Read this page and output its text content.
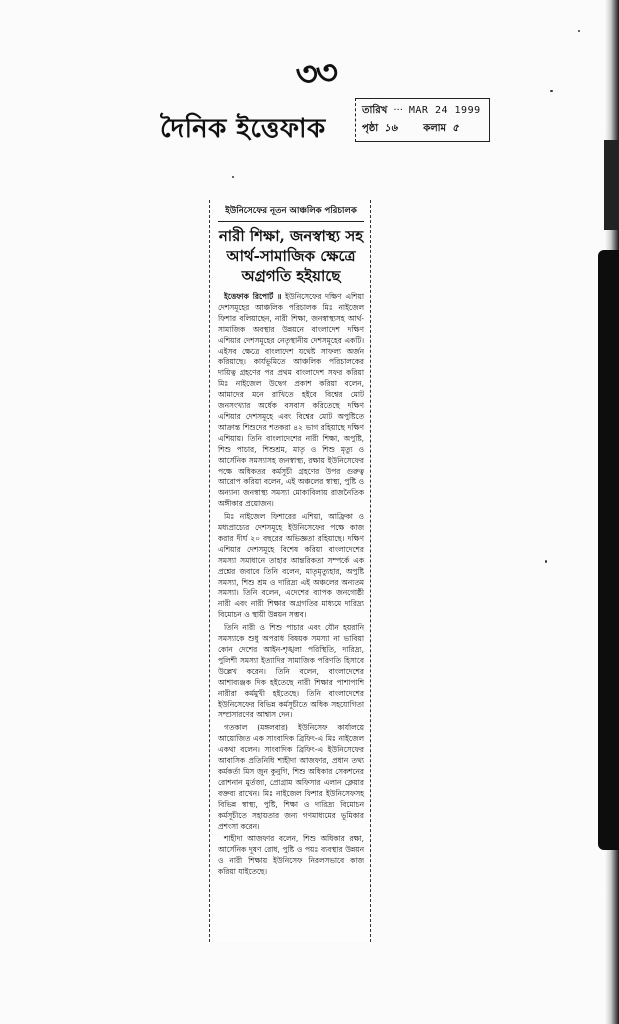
৩৩
দৈনিক ইত্তেফাক
তারিখ ··· MAR 24 1999
পৃষ্ঠা ১৬	কলাম ৫
ইউনিসেফের নূতন আঞ্চলিক পরিচালক
নারী শিক্ষা, জনস্বাস্থ্য সহ
আর্থ-সামাজিক ক্ষেত্রে
অগ্রগতি হইয়াছে

ইত্তেফাক রিপোর্ট ॥ ইউনিসেফের দক্ষিণ এশিয়া দেশসমূহের আঞ্চলিক পরিচালক মিঃ নাইজেল ফিশার বলিয়াছেন, নারী শিক্ষা, জনস্বাস্থ্যসহ আর্থ-সামাজিক অবস্থার উন্নয়নে বাংলাদেশ দক্ষিণ এশিয়ার দেশসমূহের নেতৃস্থানীয় দেশসমূহের একটি। এইসব ক্ষেত্রে বাংলাদেশ যথেষ্ট সাফল্য অর্জন করিয়াছে। কার্যভূমিতে আঞ্চলিক পরিচালকের দায়িত্ব গ্রহণের পর প্রথম বাংলাদেশ সফর করিয়া মিঃ নাইজেল উদ্বেগ প্রকাশ করিয়া বলেন, আমাদের মনে রাখিতে হইবে বিশ্বের মোট জনসংখ্যার অর্ধেক বসবাস করিতেছে দক্ষিণ এশিয়ার দেশসমূহে এবং বিশ্বের মোট অপুষ্টিতে আক্রান্ত শিশুদের শতকরা ৪২ ভাগ রহিয়াছে দক্ষিণ এশিয়ায়। তিনি বাংলাদেশের নারী শিক্ষা, অপুষ্টি, শিশু পাচার, শিশুশ্রম, মাতৃ ও শিশু মৃত্যু ও আর্সেনিক সমস্যাসহ জনস্বাস্থ্য, রক্ষায় ইউনিসেফের পক্ষে অধিকতর কর্মসূচী গ্রহণের উপর গুরুত্ব আরোপ করিয়া বলেন, এই অঞ্চলের স্বাস্থ্য, পুষ্টি ও অন্যান্য জনস্বাস্থ্য সমস্যা মোকাবিলায় রাজনৈতিক অঙ্গীকার প্রয়োজন।

মিঃ নাইজেল ফিশারের এশিয়া, আফ্রিকা ও মধ্যপ্রাচ্যের দেশসমূহে ইউনিসেফের পক্ষে কাজ করার দীর্ঘ ২০ বছরের অভিজ্ঞতা রহিয়াছে। দক্ষিণ এশিয়ার দেশসমূহে বিশেষ করিয়া বাংলাদেশের সমস্যা সমাধানে তাহার আন্তরিকতা সম্পর্কে এক প্রশ্নের জবাবে তিনি বলেন, মাতৃমৃত্যুহার, অপুষ্টি সমস্যা, শিশু শ্রম ও দারিদ্র্য এই অঞ্চলের অন্যতম সমস্যা। তিনি বলেন, এদেশের ব্যাপক জনগোষ্ঠী নারী এবং নারী শিক্ষার অগ্রগতির মাধ্যমে দারিদ্র্য বিমোচন ও স্থায়ী উন্নয়ন সম্ভব।

তিনি নারী ও শিশু পাচার এবং যৌন হয়রানি সমস্যাকে শুধু অপরাধ বিষয়ক সমস্যা না ভাবিয়া কোন দেশের আইন-শৃঙ্খলা পরিস্থিতি, দারিদ্র্য, পুলিশী সমস্যা ইত্যাদির সামাজিক পরিণতি হিসাবে উল্লেখ করেন। তিনি বলেন, বাংলাদেশের আশাব্যঞ্জক দিক হইতেছে নারী শিক্ষার পাশাপাশি নারীরা কর্মমুখী হইতেছে। তিনি বাংলাদেশের ইউনিসেফের বিভিন্ন কর্মসূচীতে অধিক সহযোগিতা সম্প্রসারণের আশ্বাস দেন।

গতকাল (মঙ্গলবার) ইউনিসেফ কার্যালয়ে আয়োজিত এক সাংবাদিক ব্রিফিং-এ মিঃ নাইজেল একথা বলেন। সাংবাদিক ব্রিফিং-এ ইউনিসেফের আবাসিক প্রতিনিধি শাহীদা আজফার, প্রধান তথ্য কর্মকর্তা মিস জুন কুনুগি, শিশু অধিকার সেকশনের রোশনান মুর্তজা, প্রোগ্রাম অফিসার এলান ক্লেয়ার বক্তব্য রাখেন। মিঃ নাইজেল ফিশার ইউনিসেফসহ বিভিন্ন স্বাস্থ্য, পুষ্টি, শিক্ষা ও দারিদ্র্য বিমোচন কর্মসূচীতে সহায়তার জন্য গণমাধ্যমের ভূমিকার প্রশংসা করেন।

শাহীদা আজফার বলেন, শিশু অধিকার রক্ষা, আর্সেনিক দূষণ রোধ, পুষ্টি ও পয়ঃ ব্যবস্থার উন্নয়ন ও নারী শিক্ষায় ইউনিসেফ নিরলসভাবে কাজ করিয়া যাইতেছে।
